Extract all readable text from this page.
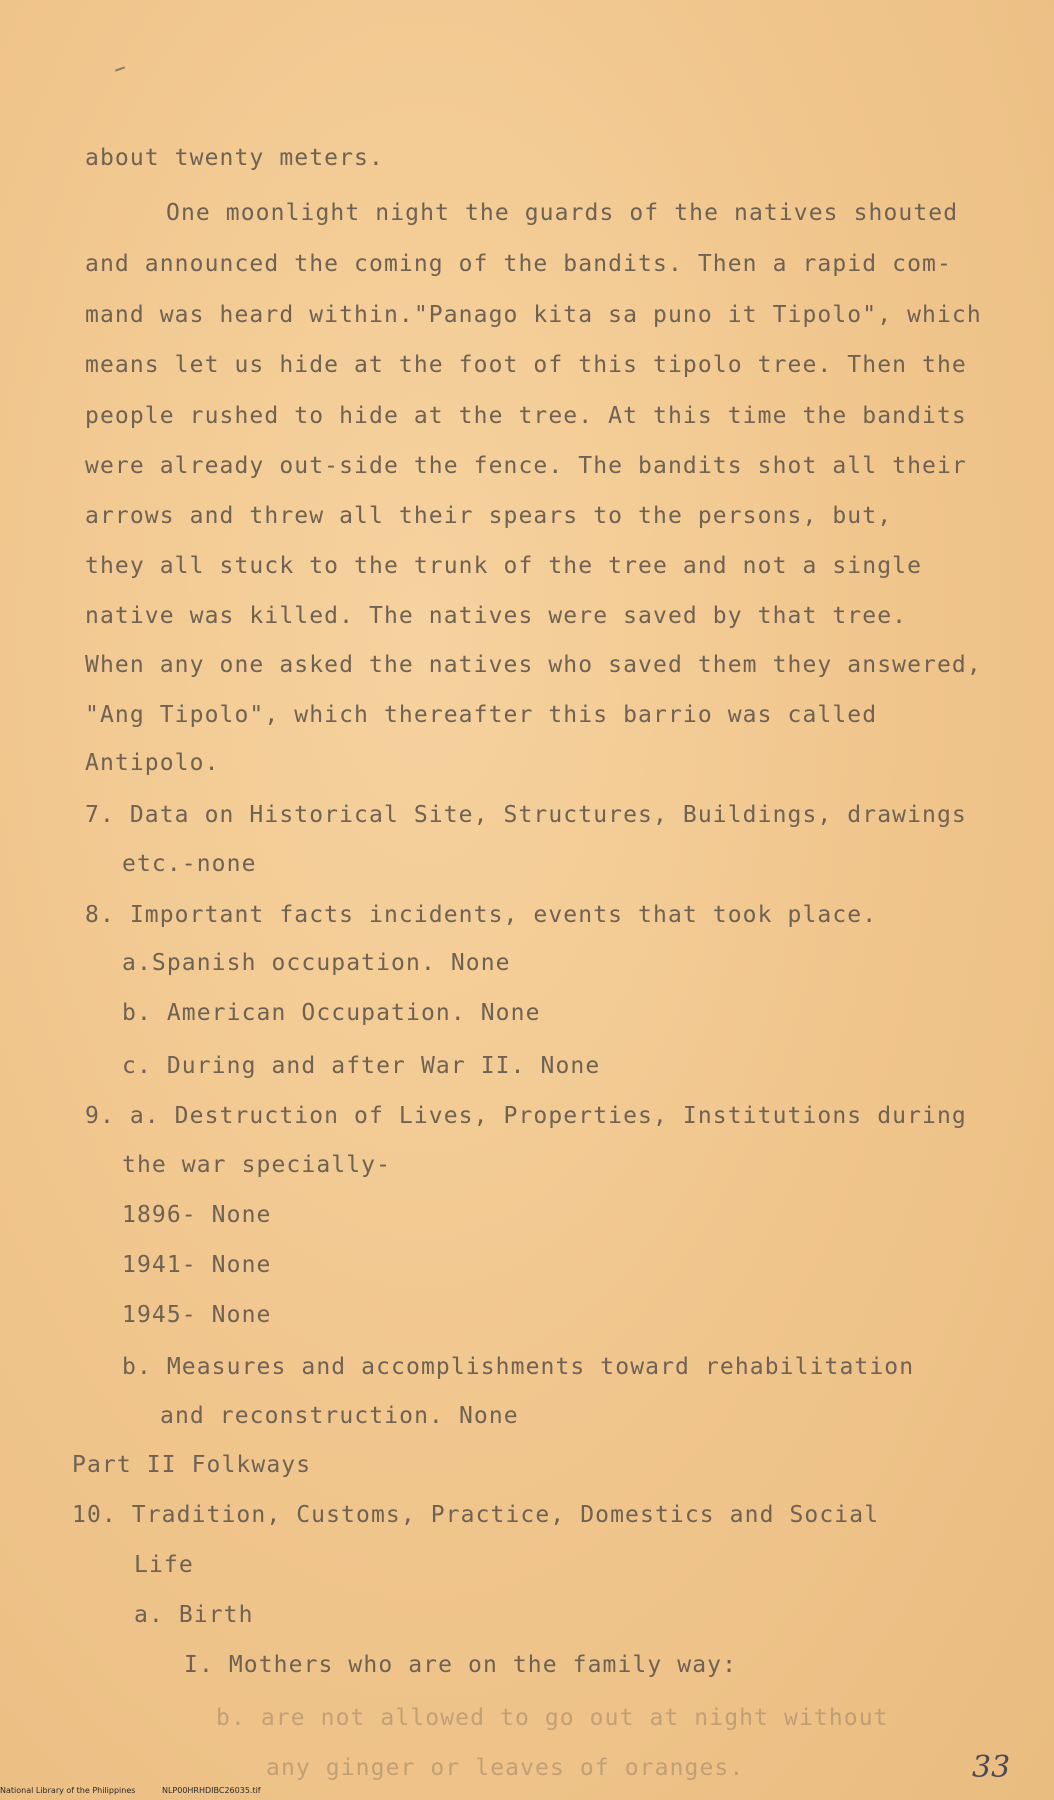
about twenty meters.
One moonlight night the guards of the natives shouted
and announced the coming of the bandits. Then a rapid com-
mand was heard within."Panago kita sa puno it Tipolo", which
means let us hide at the foot of this tipolo tree. Then the
people rushed to hide at the tree. At this time the bandits
were already out-side the fence. The bandits shot all their
arrows and threw all their spears to the persons, but,
they all stuck to the trunk of the tree and not a single
native was killed. The natives were saved by that tree.
When any one asked the natives who saved them they answered,
"Ang Tipolo", which thereafter this barrio was called
Antipolo.
7. Data on Historical Site, Structures, Buildings, drawings
etc.-none
8. Important facts incidents, events that took place.
a.Spanish occupation. None
b. American Occupation. None
c. During and after War II. None
9. a. Destruction of Lives, Properties, Institutions during
the war specially-
1896- None
1941- None
1945- None
b. Measures and accomplishments toward rehabilitation
and reconstruction. None
Part II Folkways
10. Tradition, Customs, Practice, Domestics and Social
Life
a. Birth
I. Mothers who are on the family way:
b. are not allowed to go out at night without
any ginger or leaves of oranges.	33
National Library of the Philippines	NLP00HRHDIBC26035.tif
